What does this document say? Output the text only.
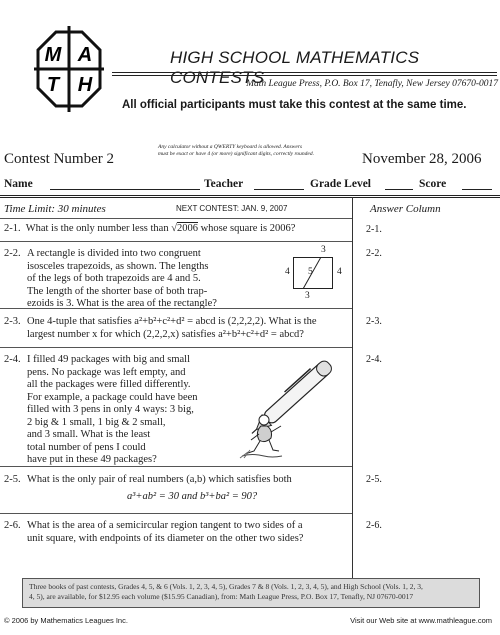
M A
T H
HIGH SCHOOL MATHEMATICS CONTESTS
Math League Press, P.O. Box 17, Tenafly, New Jersey 07670-0017
All official participants must take this contest at the same time.
Contest Number 2
Any calculator without a QWERTY keyboard is allowed. Answers
must be exact or have 4 (or more) significant digits, correctly rounded.	November 28, 2006
Name	Teacher	Grade Level	Score
Time Limit: 30 minutes	NEXT CONTEST: JAN. 9, 2007	Answer Column
2-1. What is the only number less than √2006 whose square is 2006?	2-1.
2-2. A rectangle is divided into two congruent
isosceles trapezoids, as shown. The lengths
of the legs of both trapezoids are 4 and 5.
The length of the shorter base of both trap-
ezoids is 3. What is the area of the rectangle?
3
4 5	4
3
2-2.
2-3. One 4-tuple that satisfies a²+b²+c²+d² = abcd is (2,2,2,2). What is the
largest number x for which (2,2,2,x) satisfies a²+b²+c²+d² = abcd?
2-3.
2-4. I filled 49 packages with big and small
pens. No package was left empty, and
all the packages were filled differently.
For example, a package could have been
filled with 3 pens in only 4 ways: 3 big,
2 big & 1 small, 1 big & 2 small,
and 3 small. What is the least
total number of pens I could
have put in these 49 packages?
2-4.
2-5. What is the only pair of real numbers (a,b) which satisfies both
a³+ab² = 30 and b³+ba² = 90?
2-5.
2-6. What is the area of a semicircular region tangent to two sides of a
unit square, with endpoints of its diameter on the other two sides?
2-6.
Three books of past contests, Grades 4, 5, & 6 (Vols. 1, 2, 3, 4, 5), Grades 7 & 8 (Vols. 1, 2, 3, 4, 5), and High School (Vols. 1, 2, 3,
4, 5), are available, for $12.95 each volume ($15.95 Canadian), from: Math League Press, P.O. Box 17, Tenafly, NJ 07670-0017
© 2006 by Mathematics Leagues Inc.	Visit our Web site at www.mathleague.com
